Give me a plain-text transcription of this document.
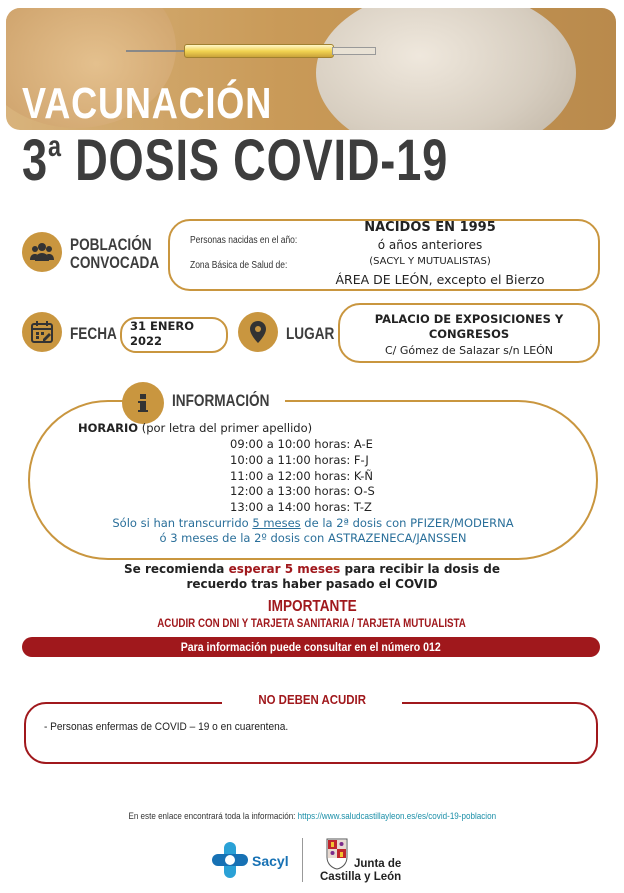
VACUNACIÓN
3$^a$ DOSIS COVID-19
POBLACIÓN
CONVOCADA
Personas nacidas en el año:
Zona Básica de Salud de:
NACIDOS EN 1995
ó años anteriores
(SACYL Y MUTUALISTAS)
ÁREA DE LEÓN, excepto el Bierzo
FECHA 31 ENERO
2022	LUGAR
PALACIO DE EXPOSICIONES Y
CONGRESOS
C/ Gómez de Salazar s/n LEÓN
INFORMACIÓN
HORARIO (por letra del primer apellido)
09:00 a 10:00 horas: A-E
10:00 a 11:00 horas: F-J
11:00 a 12:00 horas: K-Ñ
12:00 a 13:00 horas: O-S
13:00 a 14:00 horas: T-Z
Sólo si han transcurrido 5 meses de la 2ª dosis con PFIZER/MODERNA
ó 3 meses de la 2º dosis con ASTRAZENECA/JANSSEN
Se recomienda esperar 5 meses para recibir la dosis de
recuerdo tras haber pasado el COVID
IMPORTANTE
ACUDIR CON DNI Y TARJETA SANITARIA / TARJETA MUTUALISTA
Para información puede consultar en el número 012
NO DEBEN ACUDIR
- Personas enfermas de COVID – 19 o en cuarentena.
En este enlace encontrará toda la información: https://www.saludcastillayleon.es/es/covid-19-poblacion
Sacyl	Junta de
Castilla y León
